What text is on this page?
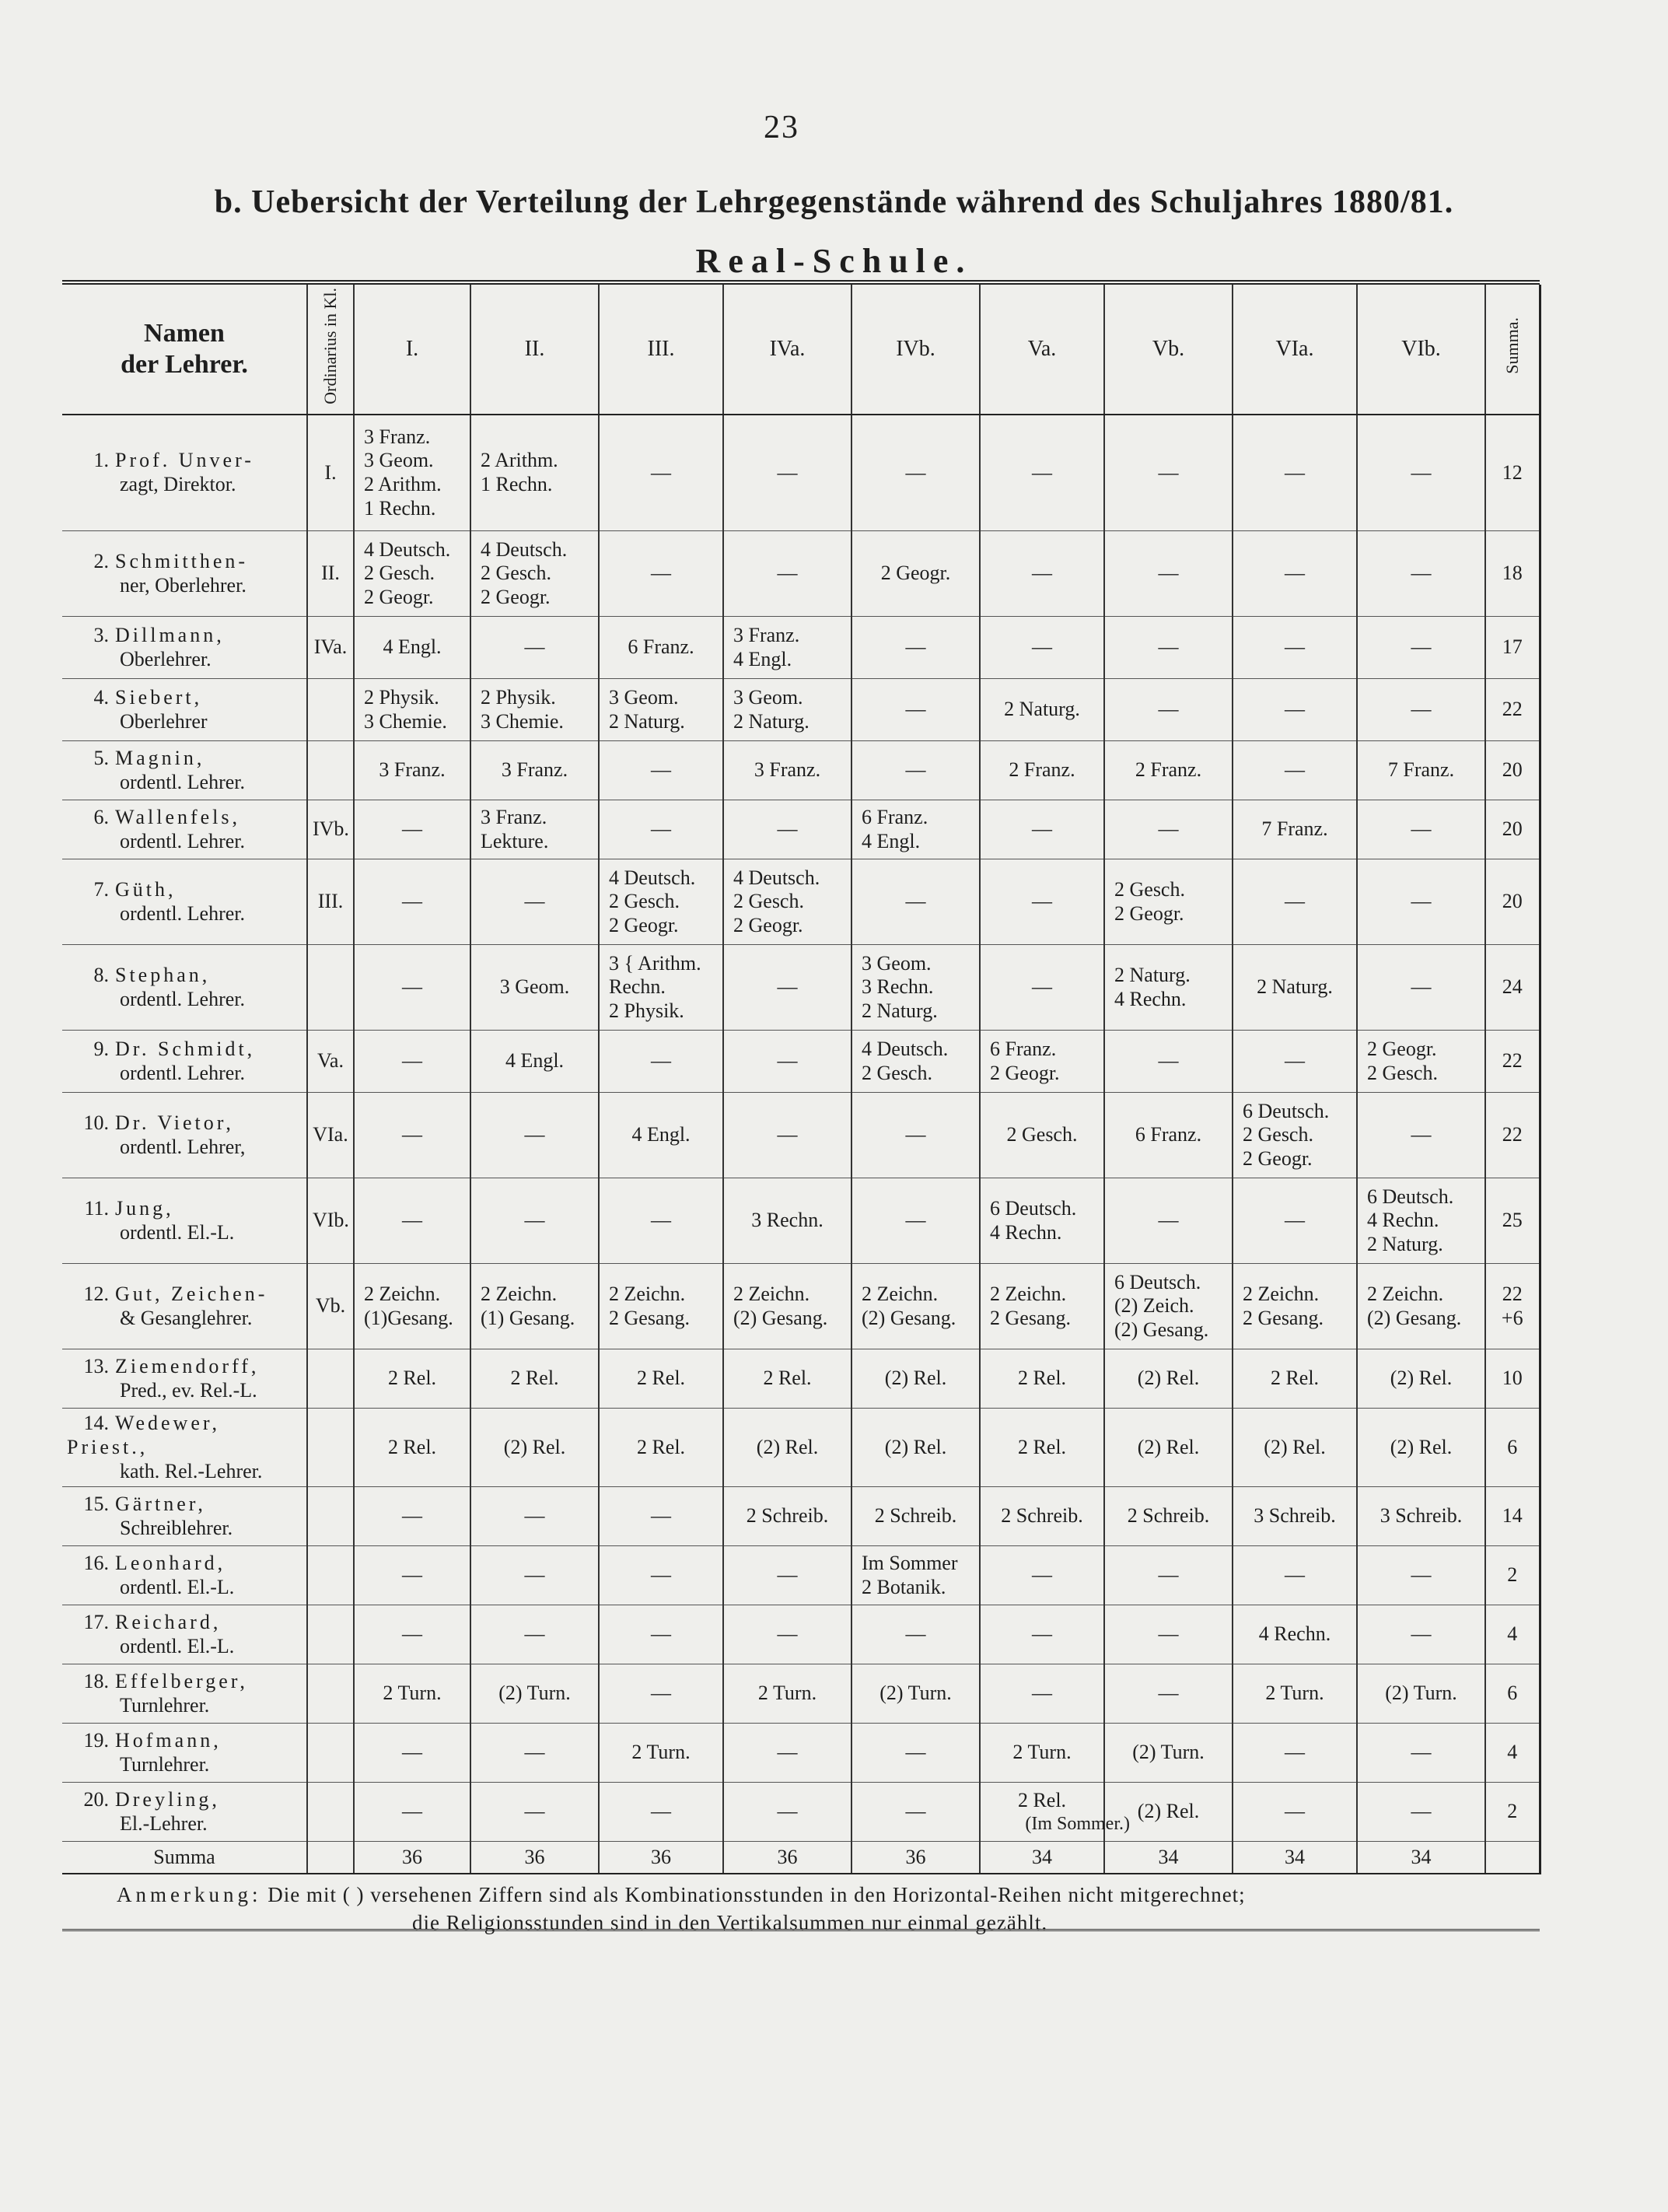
23
b. Uebersicht der Verteilung der Lehrgegenstände während des Schuljahres 1880/81.
Real-Schule.
Namen
der Lehrer.	Ordinarius in Kl.	I.	II.	III.	IVa.	IVb.	Va.	Vb.	VIa.	VIb.	Summa.
1. Prof. Unver-
zagt, Direktor.	I.	3 Franz.
3 Geom.
2 Arithm.
1 Rechn.	2 Arithm.
1 Rechn.	—	—	—	—	—	—	—	12
2. Schmitthen-
ner, Oberlehrer.	II.	4 Deutsch.
2 Gesch.
2 Geogr.	4 Deutsch.
2 Gesch.
2 Geogr.	—	—	2 Geogr.	—	—	—	—	18
3. Dillmann,
Oberlehrer.	IVa.	4 Engl.	—	6 Franz.	3 Franz.
4 Engl.	—	—	—	—	—	17
4. Siebert,
Oberlehrer		2 Physik.
3 Chemie.	2 Physik.
3 Chemie.	3 Geom.
2 Naturg.	3 Geom.
2 Naturg.	—	2 Naturg.	—	—	—	22
5. Magnin,
ordentl. Lehrer.		3 Franz.	3 Franz.	—	3 Franz.	—	2 Franz.	2 Franz.	—	7 Franz.	20
6. Wallenfels,
ordentl. Lehrer.	IVb.	—	3 Franz.
Lekture.	—	—	6 Franz.
4 Engl.	—	—	7 Franz.	—	20
7. Güth,
ordentl. Lehrer.	III.	—	—	4 Deutsch.
2 Gesch.
2 Geogr.	4 Deutsch.
2 Gesch.
2 Geogr.	—	—	2 Gesch.
2 Geogr.	—	—	20
8. Stephan,
ordentl. Lehrer.		—	3 Geom.	3 { Arithm.
Rechn.
2 Physik.	—	3 Geom.
3 Rechn.
2 Naturg.	—	2 Naturg.
4 Rechn.	2 Naturg.	—	24
9. Dr. Schmidt,
ordentl. Lehrer.	Va.	—	4 Engl.	—	—	4 Deutsch.
2 Gesch.	6 Franz.
2 Geogr.	—	—	2 Geogr.
2 Gesch.	22
10. Dr. Vietor,
ordentl. Lehrer,	VIa.	—	—	4 Engl.	—	—	2 Gesch.	6 Franz.	6 Deutsch.
2 Gesch.
2 Geogr.	—	22
11. Jung,
ordentl. El.-L.	VIb.	—	—	—	3 Rechn.	—	6 Deutsch.
4 Rechn.	—	—	6 Deutsch.
4 Rechn.
2 Naturg.	25
12. Gut, Zeichen-
& Gesanglehrer.	Vb.	2 Zeichn.
(1)Gesang.	2 Zeichn.
(1) Gesang.	2 Zeichn.
2 Gesang.	2 Zeichn.
(2) Gesang.	2 Zeichn.
(2) Gesang.	2 Zeichn.
2 Gesang.	6 Deutsch.
(2) Zeich.
(2) Gesang.	2 Zeichn.
2 Gesang.	2 Zeichn.
(2) Gesang.	22
+6
13. Ziemendorff,
Pred., ev. Rel.-L.		2 Rel.	2 Rel.	2 Rel.	2 Rel.	(2) Rel.	2 Rel.	(2) Rel.	2 Rel.	(2) Rel.	10
14. Wedewer, Priest.,
kath. Rel.-Lehrer.		2 Rel.	(2) Rel.	2 Rel.	(2) Rel.	(2) Rel.	2 Rel.	(2) Rel.	(2) Rel.	(2) Rel.	6
15. Gärtner,
Schreiblehrer.		—	—	—	2 Schreib.	2 Schreib.	2 Schreib.	2 Schreib.	3 Schreib.	3 Schreib.	14
16. Leonhard,
ordentl. El.-L.		—	—	—	—	Im Sommer
2 Botanik.	—	—	—	—	2
17. Reichard,
ordentl. El.-L.		—	—	—	—	—	—	—	4 Rechn.	—	4
18. Effelberger,
Turnlehrer.		2 Turn.	(2) Turn.	—	2 Turn.	(2) Turn.	—	—	2 Turn.	(2) Turn.	6
19. Hofmann,
Turnlehrer.		—	—	2 Turn.	—	—	2 Turn.	(2) Turn.	—	—	4
20. Dreyling,
El.-Lehrer.		—	—	—	—	—	2 Rel.
(Im Sommer.)	(2) Rel.	—	—	2
Summa		36	36	36	36	36	34	34	34	34	
Anmerkung: Die mit ( ) versehenen Ziffern sind als Kombinationsstunden in den Horizontal-Reihen nicht mitgerechnet;
die Religionsstunden sind in den Vertikalsummen nur einmal gezählt.
